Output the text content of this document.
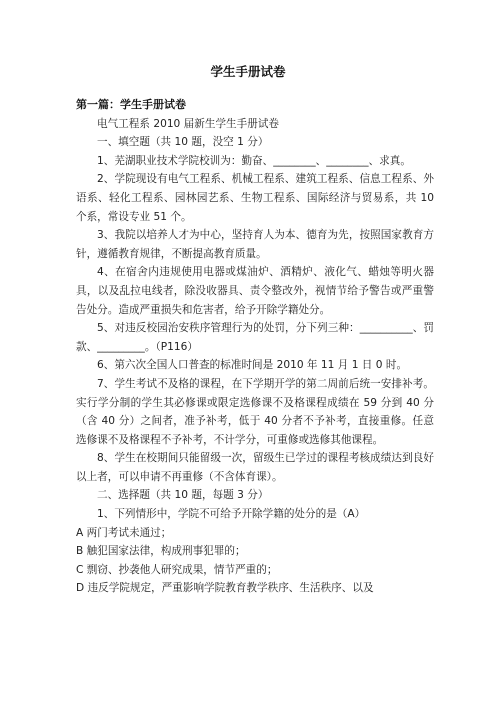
学生手册试卷

第一篇：学生手册试卷

电气工程系 2010 届新生学生手册试卷

一、填空题（共 10 题，没空 1 分）

1、芜湖职业技术学院校训为：勤奋、________、________、求真。

2、学院现设有电气工程系、机械工程系、建筑工程系、信息工程系、外语系、轻化工程系、园林园艺系、生物工程系、国际经济与贸易系，共 10 个系，常设专业 51 个。

3、我院以培养人才为中心，坚持育人为本、德育为先，按照国家教育方针，遵循教育规律，不断提高教育质量。

4、在宿舍内违规使用电器或煤油炉、酒精炉、液化气、蜡烛等明火器具，以及乱拉电线者，除没收器具、责令整改外，视情节给予警告或严重警告处分。造成严重损失和危害者，给予开除学籍处分。

5、对违反校园治安秩序管理行为的处罚，分下列三种：__________、罚款、_________。（P116）

6、第六次全国人口普查的标准时间是 2010 年 11 月 1 日 0 时。

7、学生考试不及格的课程，在下学期开学的第二周前后统一安排补考。实行学分制的学生其必修课或限定选修课不及格课程成绩在 59 分到 40 分（含 40 分）之间者，准予补考，低于 40 分者不予补考，直接重修。任意选修课不及格课程不予补考，不计学分，可重修或选修其他课程。

8、学生在校期间只能留级一次，留级生已学过的课程考核成绩达到良好以上者，可以申请不再重修（不含体育课）。

二、选择题（共 10 题，每题 3 分）

1、下列情形中，学院不可给予开除学籍的处分的是（A）

A 两门考试未通过；

B 触犯国家法律，构成刑事犯罪的；

C 剽窃、抄袭他人研究成果，情节严重的；

D 违反学院规定，严重影响学院教育教学秩序、生活秩序、以及
